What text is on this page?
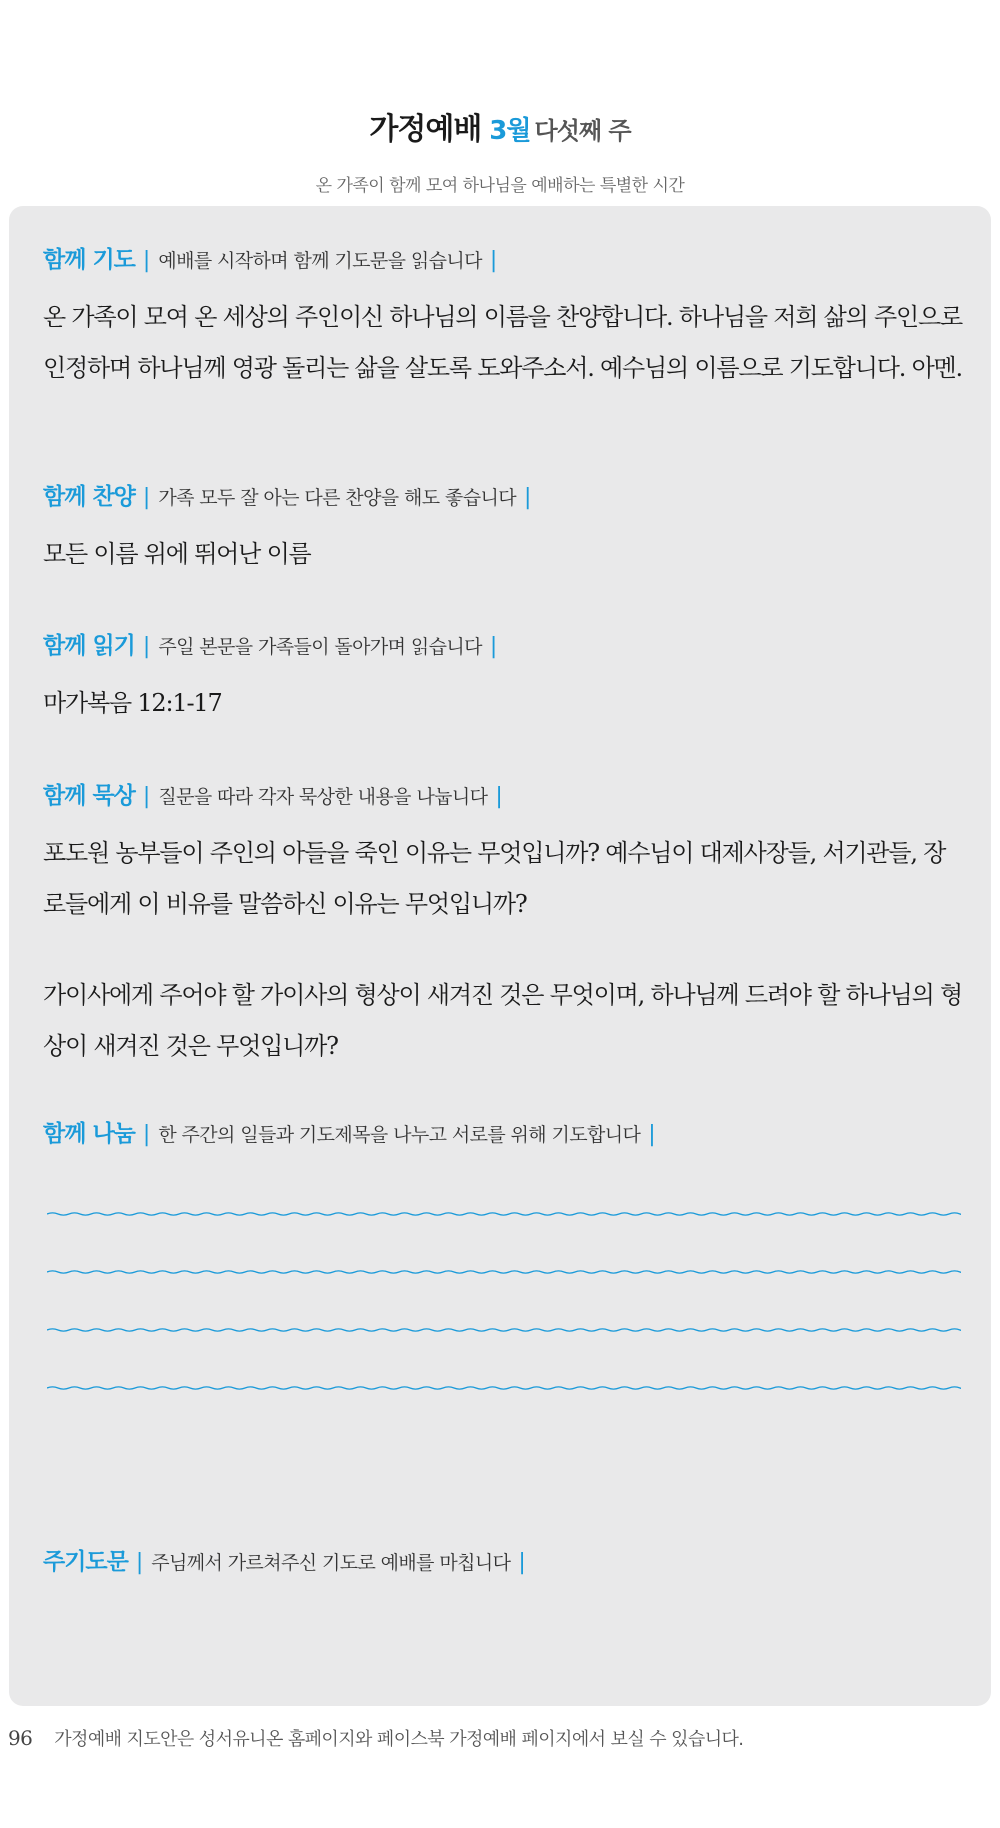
가정예배 3월 다섯째 주
온 가족이 함께 모여 하나님을 예배하는 특별한 시간
함께 기도 | 예배를 시작하며 함께 기도문을 읽습니다 |
온 가족이 모여 온 세상의 주인이신 하나님의 이름을 찬양합니다. 하나님을 저희 삶의 주인으로 인정하며 하나님께 영광 돌리는 삶을 살도록 도와주소서. 예수님의 이름으로 기도합니다. 아멘.
함께 찬양 | 가족 모두 잘 아는 다른 찬양을 해도 좋습니다 |
모든 이름 위에 뛰어난 이름
함께 읽기 | 주일 본문을 가족들이 돌아가며 읽습니다 |
마가복음 12:1-17
함께 묵상 | 질문을 따라 각자 묵상한 내용을 나눕니다 |
포도원 농부들이 주인의 아들을 죽인 이유는 무엇입니까? 예수님이 대제사장들, 서기관들, 장로들에게 이 비유를 말씀하신 이유는 무엇입니까?
가이사에게 주어야 할 가이사의 형상이 새겨진 것은 무엇이며, 하나님께 드려야 할 하나님의 형상이 새겨진 것은 무엇입니까?
함께 나눔 | 한 주간의 일들과 기도제목을 나누고 서로를 위해 기도합니다 |
주기도문 | 주님께서 가르쳐주신 기도로 예배를 마칩니다 |
96 가정예배 지도안은 성서유니온 홈페이지와 페이스북 가정예배 페이지에서 보실 수 있습니다.
